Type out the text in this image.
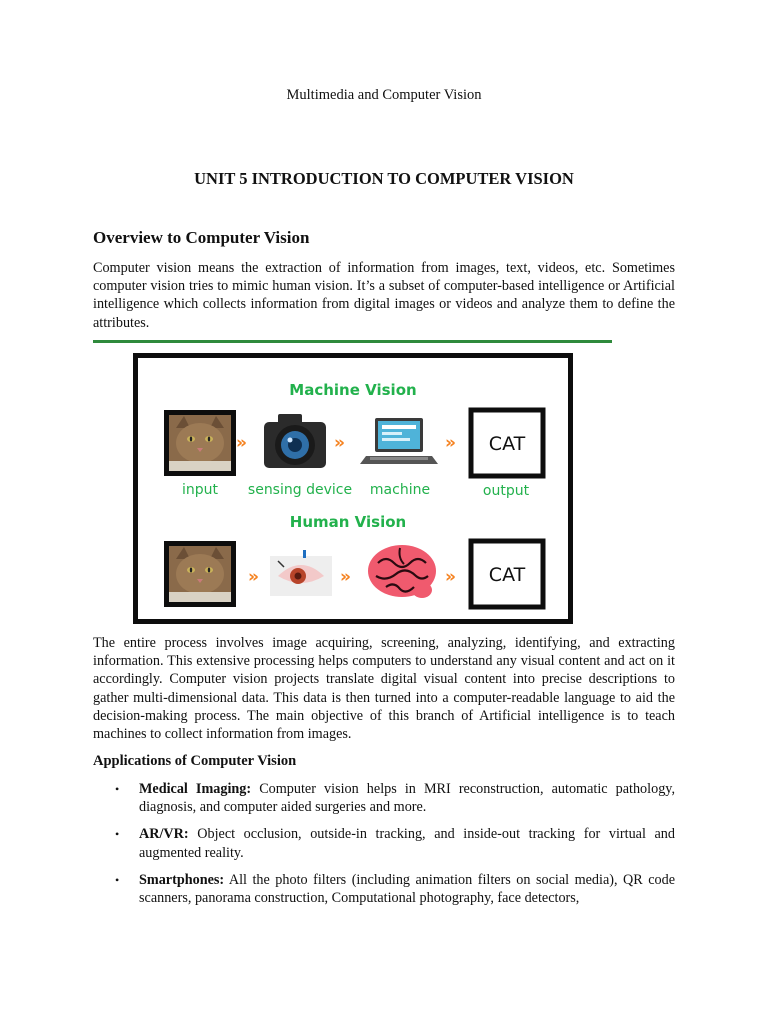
Multimedia and Computer Vision
UNIT 5 INTRODUCTION TO COMPUTER VISION
Overview to Computer Vision
Computer vision means the extraction of information from images, text, videos, etc. Sometimes computer vision tries to mimic human vision. It’s a subset of computer-based intelligence or Artificial intelligence which collects information from digital images or videos and analyze them to define the attributes.
Machine Vision
»	»	» CAT
input sensing device machine	output
Human Vision
»	»	» CAT
The entire process involves image acquiring, screening, analyzing, identifying, and extracting information. This extensive processing helps computers to understand any visual content and act on it accordingly. Computer vision projects translate digital visual content into precise descriptions to gather multi-dimensional data. This data is then turned into a computer-readable language to aid the decision-making process. The main objective of this branch of Artificial intelligence is to teach machines to collect information from images.
Applications of Computer Vision
• Medical Imaging: Computer vision helps in MRI reconstruction, automatic pathology, diagnosis, and computer aided surgeries and more.
• AR/VR: Object occlusion, outside-in tracking, and inside-out tracking for virtual and augmented reality.
• Smartphones: All the photo filters (including animation filters on social media), QR code scanners, panorama construction, Computational photography, face detectors,
